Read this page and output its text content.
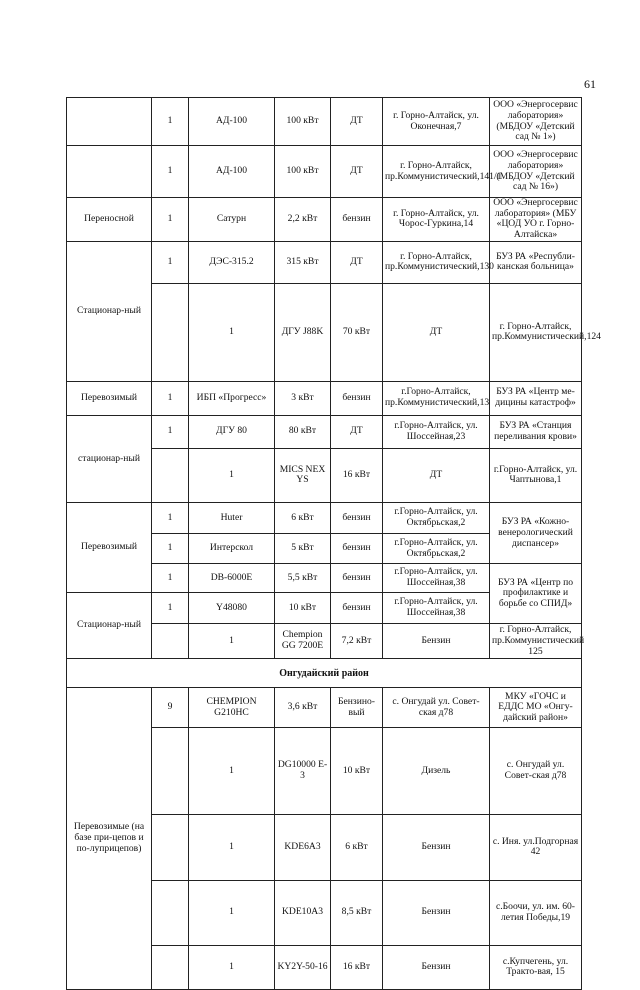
61
	1	АД-100	100 кВт	ДТ	г. Горно-Алтайск, ул. Оконечная,7	ООО «Энергосервис лаборатория» (МБДОУ «Детский сад № 1»)	
	1	АД-100	100 кВт	ДТ	г. Горно-Алтайск, пр.Коммунистический,141/1	ООО «Энергосервис лаборатория» (МБДОУ «Детский сад № 16»)	
Переносной	1	Сатурн	2,2 кВт	бензин	г. Горно-Алтайск, ул. Чорос-Гуркина,14	ООО «Энергосервис лаборатория» (МБУ «ЦОД УО г. Горно-Алтайска»	
Стационар-ный	1	ДЭС-315.2	315 кВт	ДТ	г. Горно-Алтайск, пр.Коммунистический,130	БУЗ РА «Республи-канская больница»	
		1	ДГУ J88K	70 кВт	ДТ	г. Горно-Алтайск, пр.Коммунистический,124	
Перевозимый	1	ИБП «Прогресс»	3 кВт	бензин	г.Горно-Алтайск, пр.Коммунистический,13	БУЗ РА «Центр ме-дицины катастроф»	
стационар-ный	1	ДГУ 80	80 кВт	ДТ	г.Горно-Алтайск, ул. Шоссейная,23	БУЗ РА «Станция переливания крови»	
		1	MICS NEX YS	16 кВт	ДТ	г.Горно-Алтайск, ул. Чаптынова,1	
Перевозимый	1	Huter	6 кВт	бензин	г.Горно-Алтайск, ул. Октябрьская,2	БУЗ РА «Кожно-венерологический диспансер»	
	1	Интерскол	5 кВт	бензин	г.Горно-Алтайск, ул. Октябрьская,2		
	1	DB-6000E	5,5 кВт	бензин	г.Горно-Алтайск, ул. Шоссейная,38	БУЗ РА «Центр по профилактике и борьбе со СПИД»	
Стационар-ный	1	Y48080	10 кВт	бензин	г.Горно-Алтайск, ул. Шоссейная,38		
		1	Chempion GG 7200E	7,2 кВт	Бензин	г. Горно-Алтайск, пр.Коммунистический 125	
Онгудайский район							
Перевозимые (на базе при-цепов и по-луприцепов)	9	CHEMPION G210HC	3,6 кВт	Бензино-вый	с. Онгудай ул. Совет-ская д78	МКУ «ГОЧС и ЕДДС МО «Онгу-дайский район»	
		1	DG10000 E-3	10 кВт	Дизель	с. Онгудай ул. Совет-ская д78	
		1	KDE6A3	6 кВт	Бензин	с. Иня. ул.Подгорная 42	
		1	KDE10A3	8,5 кВт	Бензин	с.Боочи, ул. им. 60-летия Победы,19	
		1	KY2Y-50-16	16 кВт	Бензин	с.Купчегень, ул. Тракто-вая, 15	
